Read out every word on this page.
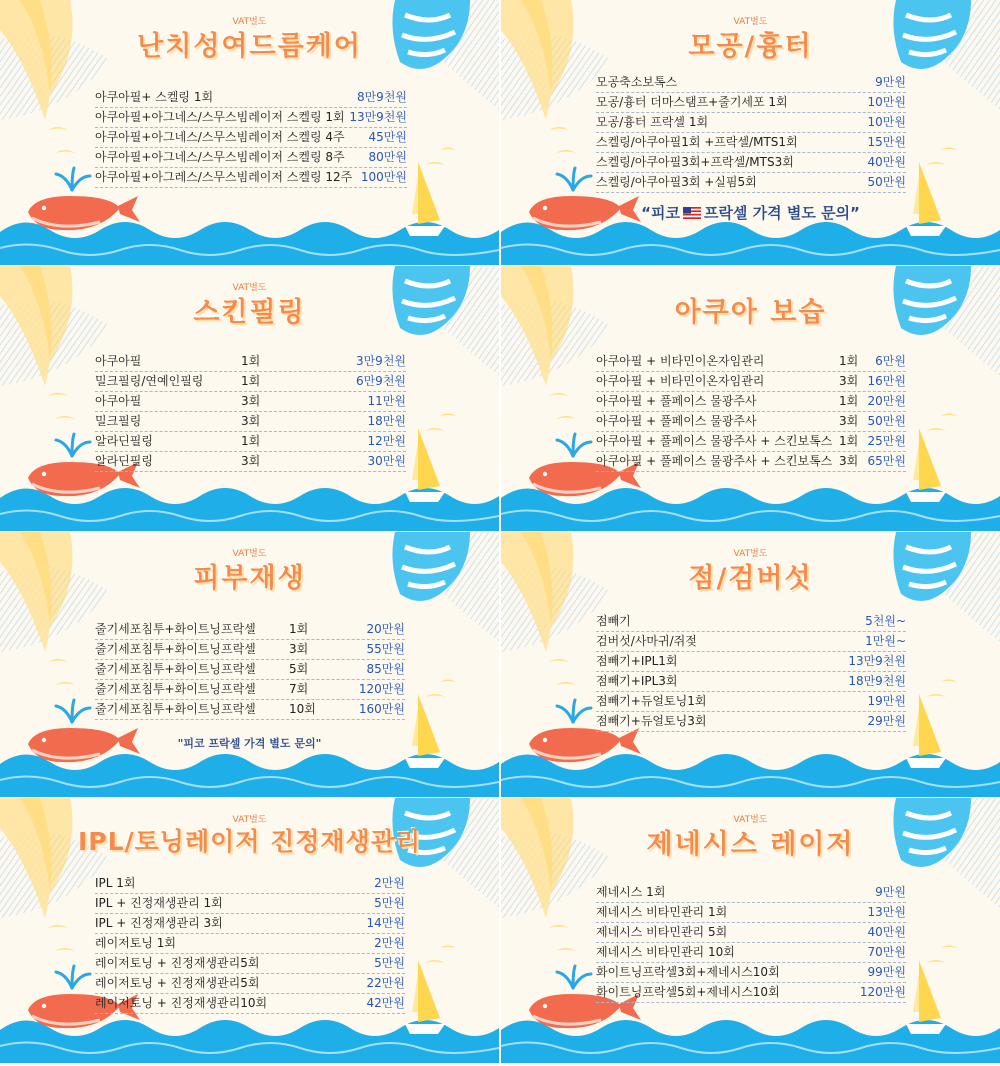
VAT별도
난치성여드름케어
아쿠아필+ 스켈링 1회	8만9천원
아쿠아필+아그네스/스무스빔레이저 스켈링 1회 13만9천원
아쿠아필+아그네스/스무스빔레이저 스켈링 4주 45만원
아쿠아필+아그네스/스무스빔레이저 스켈링 8주 80만원
아쿠아필+아그레스/스무스빔레이저 스켈링 12주 100만원
VAT별도
모공/흉터
모공축소보톡스	9만원
모공/흉터 더마스탬프+줄기세포 1회	10만원
모공/흉터 프락셀 1회	10만원
스켈링/아쿠아필1회 +프락셀/MTS1회	15만원
스켈링/아쿠아필3회+프락셀/MTS3회	40만원
스켈링/아쿠아필3회 +실핌5회	50만원
“피코 프락셀 가격 별도 문의”
VAT별도
스킨필링
아쿠아필	1회	3만9천원
밀크필링/연예인필링	1회	6만9천원
아쿠아필	3회	11만원
밀크필링	3회	18만원
알라딘필링	1회	12만원
알라딘필링	3회	30만원
아쿠아 보습
아쿠아필 + 비타민이온자임관리	1회 6만원
아쿠아필 + 비타민이온자임관리	3회 16만원
아쿠아필 + 풀페이스 물광주사	1회 20만원
아쿠아필 + 풀페이스 물광주사	3회 50만원
아쿠아필 + 풀페이스 물광주사 + 스킨보톡스 1회 25만원
아쿠아필 + 풀페이스 물광주사 + 스킨보톡스 3회 65만원
VAT별도
피부재생
줄기세포침투+화이트닝프락셀	1회	20만원
줄기세포침투+화이트닝프락셀	3회	55만원
줄기세포침투+화이트닝프락셀	5회	85만원
줄기세포침투+화이트닝프락셀	7회	120만원
줄기세포침투+화이트닝프락셀	10회	160만원
"피코 프락셀 가격 별도 문의"
VAT별도
점/검버섯
점빼기	5천원~
검버섯/사마귀/쥐젖	1만원~
점빼기+IPL1회	13만9천원
점빼기+IPL3회	18만9천원
점빼기+듀얼토닝1회	19만원
점빼기+듀얼토닝3회	29만원
VAT별도
IPL/토닝레이저 진정재생관리
IPL 1회	2만원
IPL + 진정재생관리 1회	5만원
IPL + 진정재생관리 3회	14만원
레이저토닝 1회	2만원
레이저토닝 + 진정재생관리5회	5만원
레이저토닝 + 진정재생관리5회	22만원
레이저토닝 + 진정재생관리10회	42만원
VAT별도
제네시스 레이저
제네시스 1회	9만원
제네시스 비타민관리 1회	13만원
제네시스 비타민관리 5회	40만원
제네시스 비타민관리 10회	70만원
화이트닝프락셀3회+제네시스10회	99만원
화이트닝프락셀5회+제네시스10회	120만원
